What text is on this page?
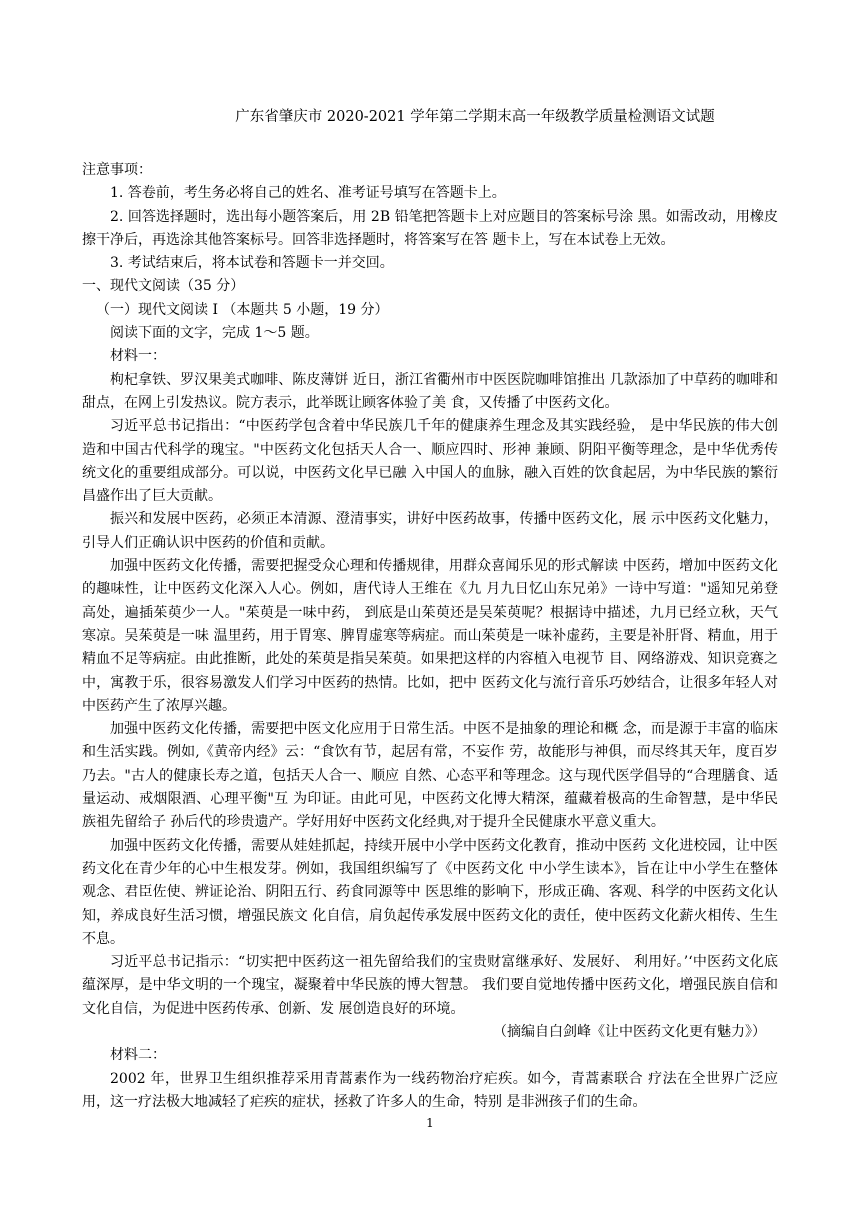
广东省肇庆市 2020-2021 学年第二学期末高一年级教学质量检测语文试题

注意事项：

1. 答卷前，考生务必将自己的姓名、准考证号填写在答题卡上。

2. 回答选择题时，选出每小题答案后，用 2B 铅笔把答题卡上对应题目的答案标号涂 黑。如需改动，用橡皮擦干净后，再选涂其他答案标号。回答非选择题时，将答案写在答 题卡上，写在本试卷上无效。

3. 考试结束后，将本试卷和答题卡一并交回。

一、现代文阅读（35 分）

（一）现代文阅读 I （本题共 5 小题，19 分）

阅读下面的文字，完成 1～5 题。

材料一：

枸杞拿铁、罗汉果美式咖啡、陈皮薄饼 近日，浙江省衢州市中医医院咖啡馆推出 几款添加了中草药的咖啡和甜点，在网上引发热议。院方表示，此举既让顾客体验了美 食，又传播了中医药文化。

习近平总书记指出：“中医药学包含着中华民族几千年的健康养生理念及其实践经验， 是中华民族的伟大创造和中国古代科学的瑰宝。"中医药文化包括天人合一、顺应四时、形神 兼顾、阴阳平衡等理念，是中华优秀传统文化的重要组成部分。可以说，中医药文化早已融 入中国人的血脉，融入百姓的饮食起居，为中华民族的繁衍昌盛作出了巨大贡献。

振兴和发展中医药，必须正本清源、澄清事实，讲好中医药故事，传播中医药文化，展 示中医药文化魅力，引导人们正确认识中医药的价值和贡献。

加强中医药文化传播，需要把握受众心理和传播规律，用群众喜闻乐见的形式解读 中医药，增加中医药文化的趣味性，让中医药文化深入人心。例如，唐代诗人王维在《九 月九日忆山东兄弟》一诗中写道："遥知兄弟登高处，遍插茱萸少一人。"茱萸是一味中药， 到底是山茱萸还是吴茱萸呢？根据诗中描述，九月已经立秋，天气寒凉。吴茱萸是一味 温里药，用于胃寒、脾胃虚寒等病症。而山茱萸是一味补虚药，主要是补肝肾、精血，用于 精血不足等病症。由此推断，此处的茱萸是指吴茱萸。如果把这样的内容植入电视节 目、网络游戏、知识竞赛之中，寓教于乐，很容易激发人们学习中医药的热情。比如，把中 医药文化与流行音乐巧妙结合，让很多年轻人对中医药产生了浓厚兴趣。

加强中医药文化传播，需要把中医文化应用于日常生活。中医不是抽象的理论和概 念，而是源于丰富的临床和生活实践。例如,《黄帝内经》云：“食饮有节，起居有常，不妄作 劳，故能形与神俱，而尽终其天年，度百岁乃去。"古人的健康长寿之道，包括天人合一、顺应 自然、心态平和等理念。这与现代医学倡导的“合理膳食、适量运动、戒烟限酒、心理平衡"互 为印证。由此可见，中医药文化博大精深，蕴藏着极高的生命智慧，是中华民族祖先留给子 孙后代的珍贵遗产。学好用好中医药文化经典,对于提升全民健康水平意义重大。

加强中医药文化传播，需要从娃娃抓起，持续开展中小学中医药文化教育，推动中医药 文化进校园，让中医药文化在青少年的心中生根发芽。例如，我国组织编写了《中医药文化 中小学生读本》，旨在让中小学生在整体观念、君臣佐使、辨证论治、阴阳五行、药食同源等中 医思维的影响下，形成正确、客观、科学的中医药文化认知，养成良好生活习惯，增强民族文 化自信，肩负起传承发展中医药文化的责任，使中医药文化薪火相传、生生不息。

习近平总书记指示：“切实把中医药这一祖先留给我们的宝贵财富继承好、发展好、 利用好。’‘中医药文化底蕴深厚，是中华文明的一个瑰宝，凝聚着中华民族的博大智慧。 我们要自觉地传播中医药文化，增强民族自信和文化自信，为促进中医药传承、创新、发 展创造良好的环境。

（摘编自白剑峰《让中医药文化更有魅力》）

材料二：

2002 年，世界卫生组织推荐采用青蒿素作为一线药物治疗疟疾。如今，青蒿素联合 疗法在全世界广泛应用，这一疗法极大地减轻了疟疾的症状，拯救了许多人的生命，特别 是非洲孩子们的生命。

1
